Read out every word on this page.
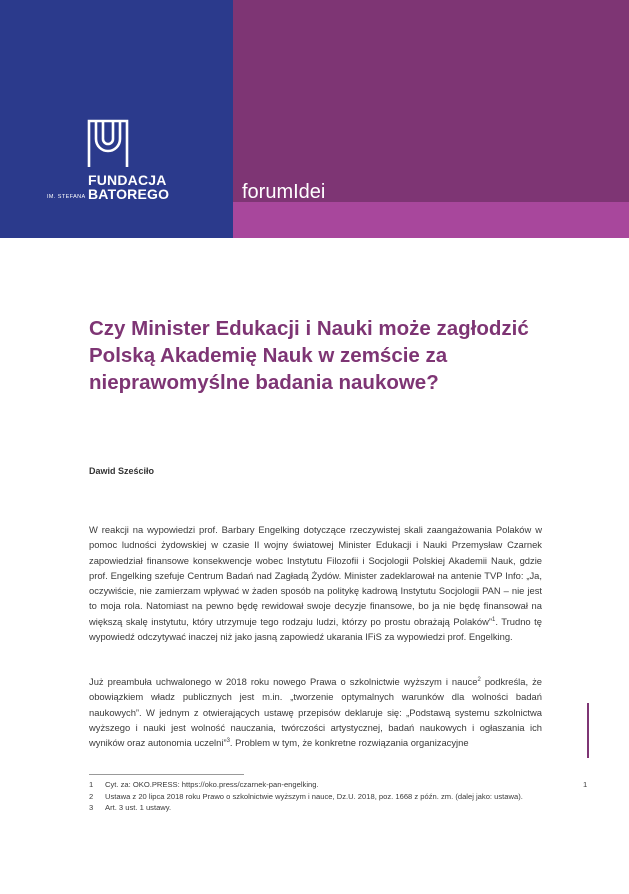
FUNDACJA
IM. STEFANA BATOREGO	forumIdei
Czy Minister Edukacji i Nauki może zagłodzić Polską Akademię Nauk w zemście za nieprawomyślne badania naukowe?
Dawid Sześciło
W reakcji na wypowiedzi prof. Barbary Engelking dotyczące rzeczywistej skali zaangażowania Polaków w pomoc ludności żydowskiej w czasie II wojny światowej Minister Edukacji i Nauki Przemysław Czarnek zapowiedział finansowe konsekwencje wobec Instytutu Filozofii i Socjologii Polskiej Akademii Nauk, gdzie prof. Engelking szefuje Centrum Badań nad Zagładą Żydów. Minister zadeklarował na antenie TVP Info: „Ja, oczywiście, nie zamierzam wpływać w żaden sposób na politykę kadrową Instytutu Socjologii PAN – nie jest to moja rola. Natomiast na pewno będę rewidował swoje decyzje finansowe, bo ja nie będę finansował na większą skalę instytutu, który utrzymuje tego rodzaju ludzi, którzy po prostu obrażają Polaków”$^1$. Trudno tę wypowiedź odczytywać inaczej niż jako jasną zapowiedź ukarania IFiS za wypowiedzi prof. Engelking.
Już preambuła uchwalonego w 2018 roku nowego Prawa o szkolnictwie wyższym i nauce$^2$ podkreśla, że obowiązkiem władz publicznych jest m.in. „tworzenie optymalnych warunków dla wolności badań naukowych”. W jednym z otwierających ustawę przepisów deklaruje się: „Podstawą systemu szkolnictwa wyższego i nauki jest wolność nauczania, twórczości artystycznej, badań naukowych i ogłaszania ich wyników oraz autonomia uczelni”$^3$. Problem w tym, że konkretne rozwiązania organizacyjne
1	Cyt. za: OKO.PRESS: https://oko.press/czarnek-pan-engelking.
2	Ustawa z 20 lipca 2018 roku Prawo o szkolnictwie wyższym i nauce, Dz.U. 2018, poz. 1668 z późn. zm. (dalej jako: ustawa).
3	Art. 3 ust. 1 ustawy.
1
